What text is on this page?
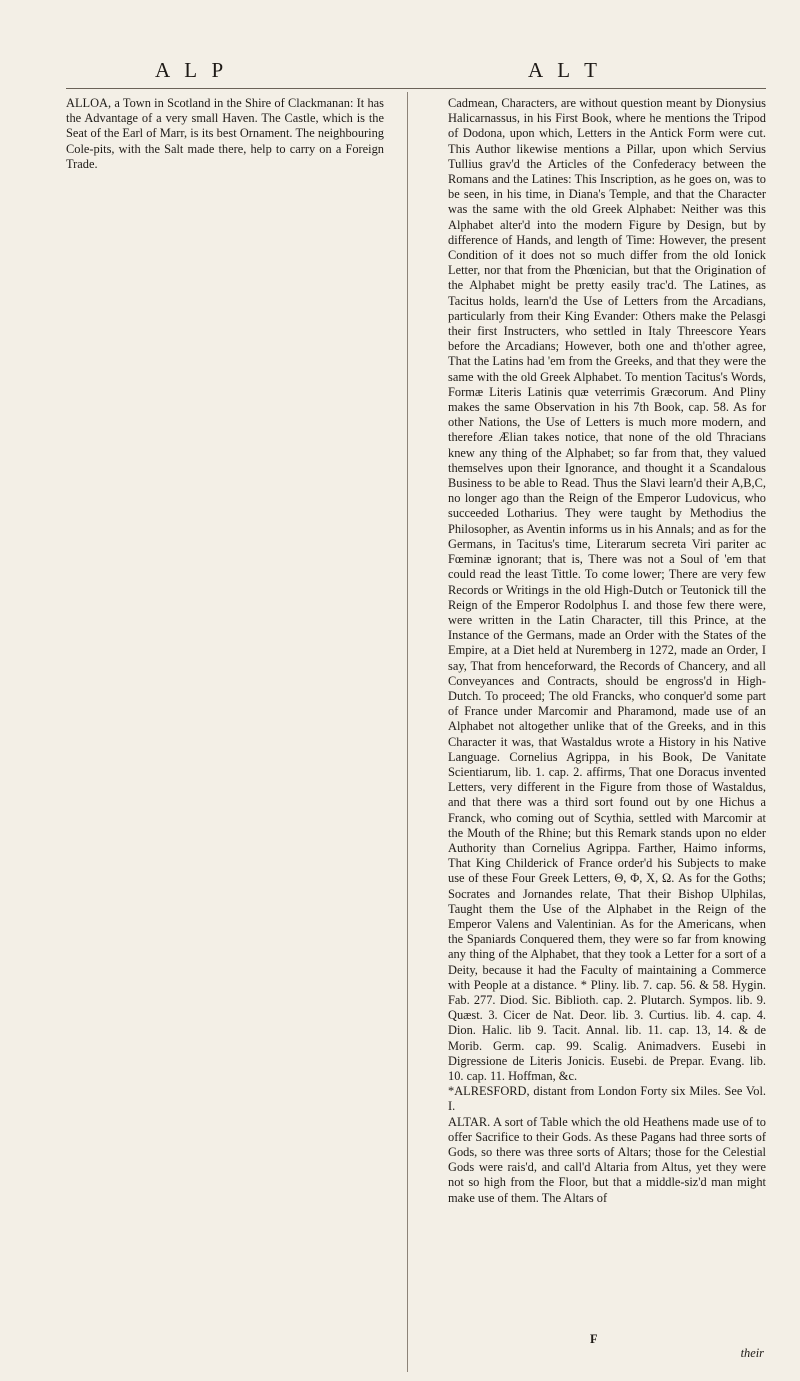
A L P	A L T

ALLOA, a Town in Scotland in the Shire of Clackmanan: It has the Advantage of a very small Haven. The Castle, which is the Seat of the Earl of Marr, is its best Ornament. The neighbouring Cole-pits, with the Salt made there, help to carry on a Foreign Trade.

Cadmean, Characters, are without question meant by Dionysius Halicarnassus, in his First Book, where he mentions the Tripod of Dodona, upon which, Letters in the Antick Form were cut. This Author likewise mentions a Pillar, upon which Servius Tullius grav'd the Articles of the Confederacy between the Romans and the Latines: This Inscription, as he goes on, was to be seen, in his time, in Diana's Temple, and that the Character was the same with the old Greek Alphabet: Neither was this Alphabet alter'd into the modern Figure by Design, but by difference of Hands, and length of Time: However, the present Condition of it does not so much differ from the old Ionick Letter, nor that from the Phœnician, but that the Origination of the Alphabet might be pretty easily trac'd. The Latines, as Tacitus holds, learn'd the Use of Letters from the Arcadians, particularly from their King Evander: Others make the Pelasgi their first Instructers, who settled in Italy Threescore Years before the Arcadians; However, both one and th'other agree, That the Latins had 'em from the Greeks, and that they were the same with the old Greek Alphabet. To mention Tacitus's Words, Formæ Literis Latinis quæ veterrimis Græcorum. And Pliny makes the same Observation in his 7th Book, cap. 58. As for other Nations, the Use of Letters is much more modern, and therefore Ælian takes notice, that none of the old Thracians knew any thing of the Alphabet; so far from that, they valued themselves upon their Ignorance, and thought it a Scandalous Business to be able to Read. Thus the Slavi learn'd their A,B,C, no longer ago than the Reign of the Emperor Ludovicus, who succeeded Lotharius. They were taught by Methodius the Philosopher, as Aventin informs us in his Annals; and as for the Germans, in Tacitus's time, Literarum secreta Viri pariter ac Fœminæ ignorant; that is, There was not a Soul of 'em that could read the least Tittle. To come lower; There are very few Records or Writings in the old High-Dutch or Teutonick till the Reign of the Emperor Rodolphus I. and those few there were, were written in the Latin Character, till this Prince, at the Instance of the Germans, made an Order with the States of the Empire, at a Diet held at Nuremberg in 1272, made an Order, I say, That from henceforward, the Records of Chancery, and all Conveyances and Contracts, should be engross'd in High-Dutch. To proceed; The old Francks, who conquer'd some part of France under Marcomir and Pharamond, made use of an Alphabet not altogether unlike that of the Greeks, and in this Character it was, that Wastaldus wrote a History in his Native Language. Cornelius Agrippa, in his Book, De Vanitate Scientiarum, lib. 1. cap. 2. affirms, That one Doracus invented Letters, very different in the Figure from those of Wastaldus, and that there was a third sort found out by one Hichus a Franck, who coming out of Scythia, settled with Marcomir at the Mouth of the Rhine; but this Remark stands upon no elder Authority than Cornelius Agrippa. Farther, Haimo informs, That King Childerick of France order'd his Subjects to make use of these Four Greek Letters, Θ, Φ, X, Ω. As for the Goths; Socrates and Jornandes relate, That their Bishop Ulphilas, Taught them the Use of the Alphabet in the Reign of the Emperor Valens and Valentinian. As for the Americans, when the Spaniards Conquered them, they were so far from knowing any thing of the Alphabet, that they took a Letter for a sort of a Deity, because it had the Faculty of maintaining a Commerce with People at a distance. * Pliny. lib. 7. cap. 56. & 58. Hygin. Fab. 277. Diod. Sic. Biblioth. cap. 2. Plutarch. Sympos. lib. 9. Quæst. 3. Cicer de Nat. Deor. lib. 3. Curtius. lib. 4. cap. 4. Dion. Halic. lib 9. Tacit. Annal. lib. 11. cap. 13, 14. & de Morib. Germ. cap. 99. Scalig. Animadvers. Eusebi in Digressione de Literis Jonicis. Eusebi. de Prepar. Evang. lib. 10. cap. 11. Hoffman, &c.

*ALRESFORD, distant from London Forty six Miles. See Vol. I.

ALTAR. A sort of Table which the old Heathens made use of to offer Sacrifice to their Gods. As these Pagans had three sorts of Gods, so there was three sorts of Altars; those for the Celestial Gods were rais'd, and call'd Altaria from Altus, yet they were not so high from the Floor, but that a middle-siz'd man might make use of them. The Altars of

F
their
